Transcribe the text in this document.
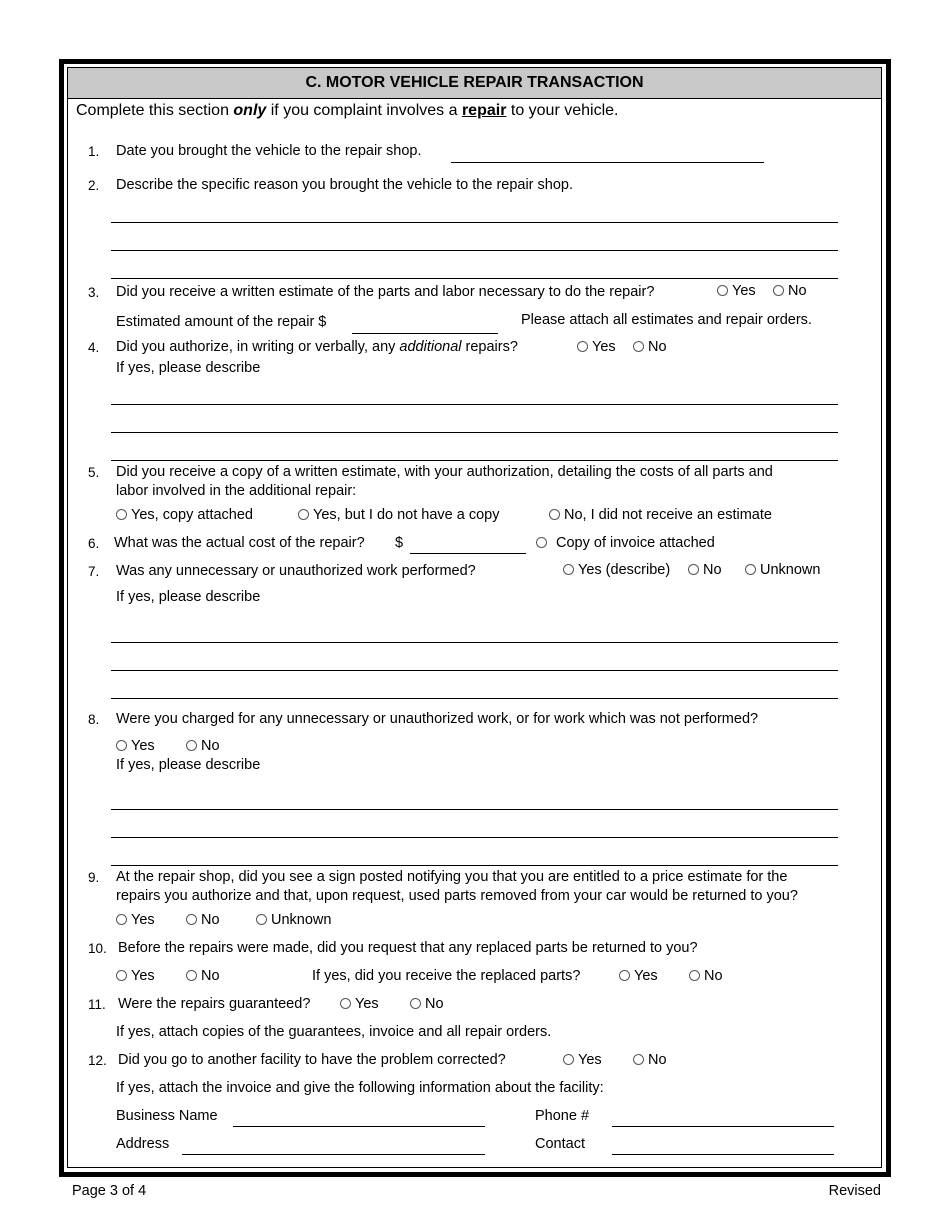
C. MOTOR VEHICLE REPAIR TRANSACTION
Complete this section only if you complaint involves a repair to your vehicle.
1. Date you brought the vehicle to the repair shop.
2. Describe the specific reason you brought the vehicle to the repair shop.
3. Did you receive a written estimate of the parts and labor necessary to do the repair?	Yes	No
Estimated amount of the repair $	Please attach all estimates and repair orders.
4. Did you authorize, in writing or verbally, any additional repairs?	Yes	No
If yes, please describe
5. Did you receive a copy of a written estimate, with your authorization, detailing the costs of all parts and
labor involved in the additional repair:
Yes, copy attached	Yes, but I do not have a copy	No, I did not receive an estimate
6. What was the actual cost of the repair? $	Copy of invoice attached
7. Was any unnecessary or unauthorized work performed?	Yes (describe)	No	Unknown
If yes, please describe
8. Were you charged for any unnecessary or unauthorized work, or for work which was not performed?
Yes	No
If yes, please describe
9. At the repair shop, did you see a sign posted notifying you that you are entitled to a price estimate for the
repairs you authorize and that, upon request, used parts removed from your car would be returned to you?
Yes	No	Unknown
10. Before the repairs were made, did you request that any replaced parts be returned to you?
Yes	No	If yes, did you receive the replaced parts?	Yes	No
11. Were the repairs guaranteed?	Yes	No
If yes, attach copies of the guarantees, invoice and all repair orders.
12. Did you go to another facility to have the problem corrected?	Yes	No
If yes, attach the invoice and give the following information about the facility:
Business Name	Phone #
Address	Contact
Page 3 of 4	Revised
